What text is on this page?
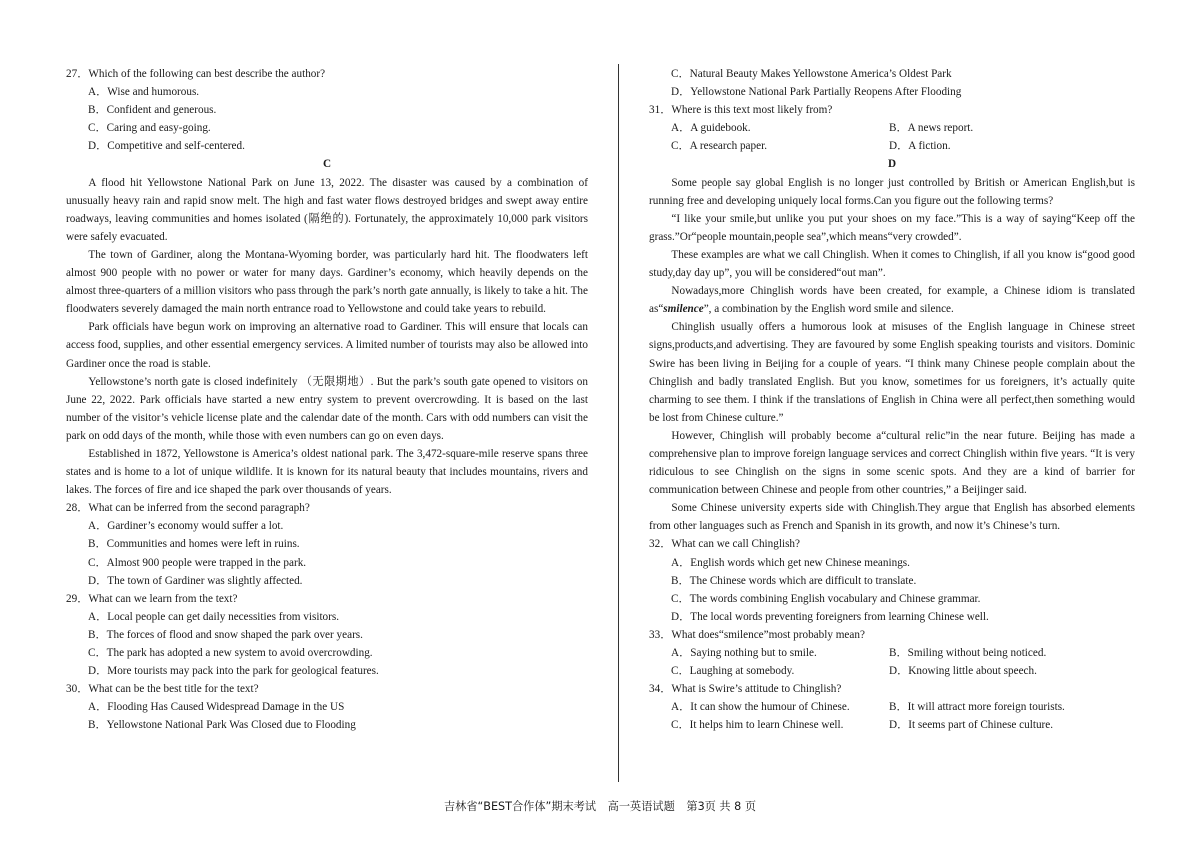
27．Which of the following can best describe the author?

A．Wise and humorous.

B．Confident and generous.

C．Caring and easy-going.

D．Competitive and self-centered.

C

A flood hit Yellowstone National Park on June 13, 2022. The disaster was caused by a combination of unusually heavy rain and rapid snow melt. The high and fast water flows destroyed bridges and swept away entire roadways, leaving communities and homes isolated (隔绝的). Fortunately, the approximately 10,000 park visitors were safely evacuated.

The town of Gardiner, along the Montana-Wyoming border, was particularly hard hit. The floodwaters left almost 900 people with no power or water for many days. Gardiner’s economy, which heavily depends on the almost three-quarters of a million visitors who pass through the park’s north gate annually, is likely to take a hit. The floodwaters severely damaged the main north entrance road to Yellowstone and could take years to rebuild.

Park officials have begun work on improving an alternative road to Gardiner. This will ensure that locals can access food, supplies, and other essential emergency services. A limited number of tourists may also be allowed into Gardiner once the road is stable.

Yellowstone’s north gate is closed indefinitely （无限期地）. But the park’s south gate opened to visitors on June 22, 2022. Park officials have started a new entry system to prevent overcrowding. It is based on the last number of the visitor’s vehicle license plate and the calendar date of the month. Cars with odd numbers can visit the park on odd days of the month, while those with even numbers can go on even days.

Established in 1872, Yellowstone is America’s oldest national park. The 3,472-square-mile reserve spans three states and is home to a lot of unique wildlife. It is known for its natural beauty that includes mountains, rivers and lakes. The forces of fire and ice shaped the park over thousands of years.

28．What can be inferred from the second paragraph?

A．Gardiner’s economy would suffer a lot.

B．Communities and homes were left in ruins.

C．Almost 900 people were trapped in the park.

D．The town of Gardiner was slightly affected.

29．What can we learn from the text?

A．Local people can get daily necessities from visitors.

B．The forces of flood and snow shaped the park over years.

C．The park has adopted a new system to avoid overcrowding.

D．More tourists may pack into the park for geological features.

30．What can be the best title for the text?

A．Flooding Has Caused Widespread Damage in the US

B．Yellowstone National Park Was Closed due to Flooding

C．Natural Beauty Makes Yellowstone America’s Oldest Park

D．Yellowstone National Park Partially Reopens After Flooding

31．Where is this text most likely from?

A．A guidebook.	B．A news report.

C．A research paper.	D．A fiction.

D

Some people say global English is no longer just controlled by British or American English,but is running free and developing uniquely local forms.Can you figure out the following terms?

“I like your smile,but unlike you put your shoes on my face.”This is a way of saying“Keep off the grass.”Or“people mountain,people sea”,which means“very crowded”.

These examples are what we call Chinglish. When it comes to Chinglish, if all you know is“good good study,day day up”, you will be considered“out man”.

Nowadays,more Chinglish words have been created, for example, a Chinese idiom is translated as“smilence”, a combination by the English word smile and silence.

Chinglish usually offers a humorous look at misuses of the English language in Chinese street signs,products,and advertising. They are favoured by some English speaking tourists and visitors. Dominic Swire has been living in Beijing for a couple of years. “I think many Chinese people complain about the Chinglish and badly translated English. But you know, sometimes for us foreigners, it’s actually quite charming to see them. I think if the translations of English in China were all perfect,then something would be lost from Chinese culture.”

However, Chinglish will probably become a“cultural relic”in the near future. Beijing has made a comprehensive plan to improve foreign language services and correct Chinglish within five years. “It is very ridiculous to see Chinglish on the signs in some scenic spots. And they are a kind of barrier for communication between Chinese and people from other countries,” a Beijinger said.

Some Chinese university experts side with Chinglish.They argue that English has absorbed elements from other languages such as French and Spanish in its growth, and now it’s Chinese’s turn.

32．What can we call Chinglish?

A．English words which get new Chinese meanings.

B．The Chinese words which are difficult to translate.

C．The words combining English vocabulary and Chinese grammar.

D．The local words preventing foreigners from learning Chinese well.

33．What does“smilence”most probably mean?

A．Saying nothing but to smile.	B．Smiling without being noticed.

C．Laughing at somebody.	D．Knowing little about speech.

34．What is Swire’s attitude to Chinglish?

A．It can show the humour of Chinese.	B．It will attract more foreign tourists.

C．It helps him to learn Chinese well.	D．It seems part of Chinese culture.

吉林省“BEST合作体”期末考试 高一英语试题 第3页 共 8 页
